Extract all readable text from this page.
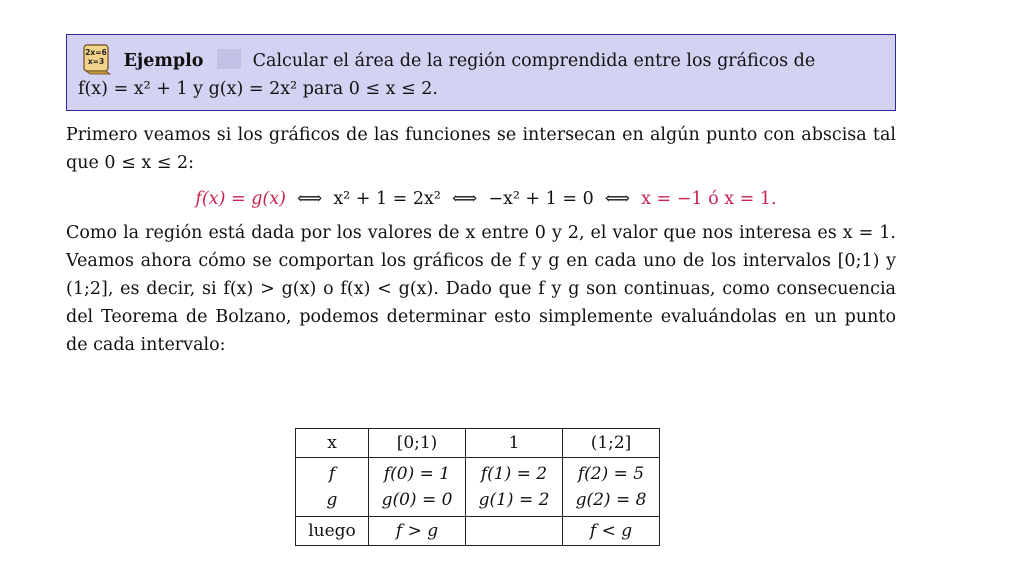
2x=6
x=3 Ejemplo	Calcular el área de la región comprendida entre los gráficos de
f(x) = x² + 1 y g(x) = 2x² para 0 ≤ x ≤ 2.
Primero veamos si los gráficos de las funciones se intersecan en algún punto con abscisa tal que 0 ≤ x ≤ 2:
f(x) = g(x) ⟺ x² + 1 = 2x² ⟺ −x² + 1 = 0 ⟺ x = −1 ó x = 1.
Como la región está dada por los valores de x entre 0 y 2, el valor que nos interesa es x = 1. Veamos ahora cómo se comportan los gráficos de f y g en cada uno de los intervalos [0;1) y (1;2], es decir, si f(x) > g(x) o f(x) < g(x). Dado que f y g son continuas, como consecuencia del Teorema de Bolzano, podemos determinar esto simplemente evaluándolas en un punto de cada intervalo:
x	[0;1)	1	(1;2]
f	f(0) = 1	f(1) = 2	f(2) = 5
g	g(0) = 0	g(1) = 2	g(2) = 8
luego	f > g		f < g
